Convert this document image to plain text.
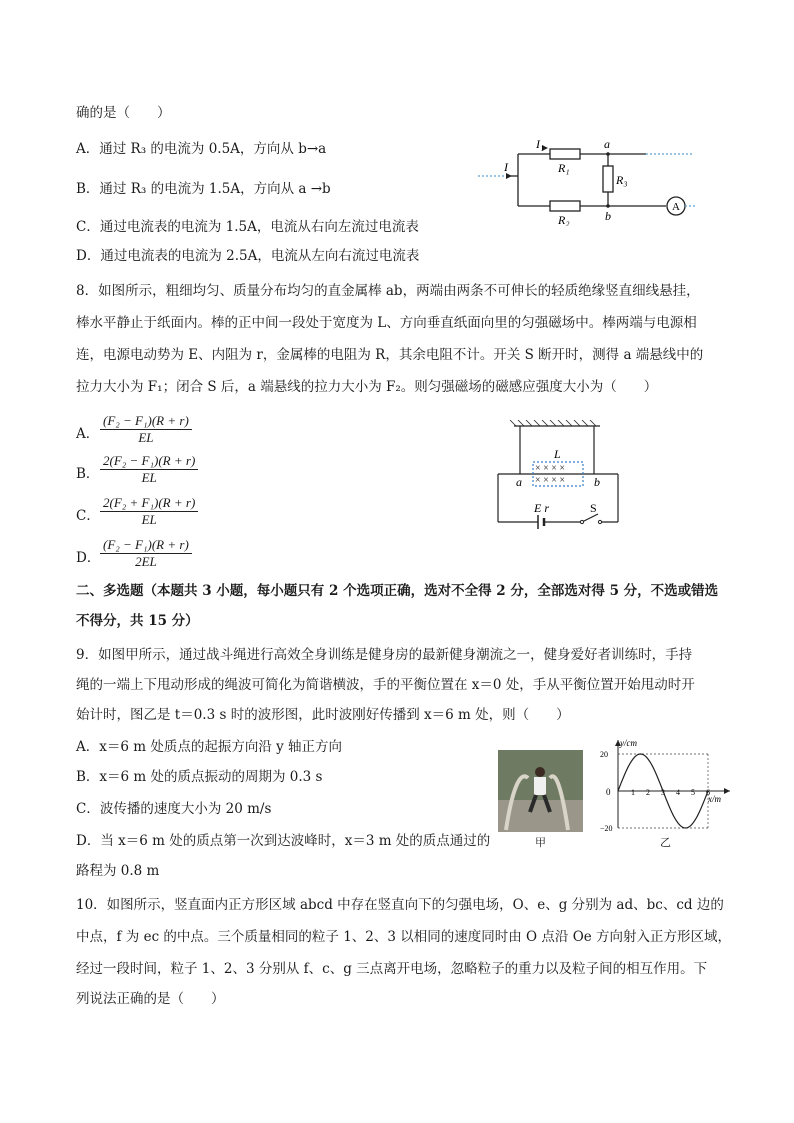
确的是（　　）
A．通过 R₃ 的电流为 0.5A，方向从 b→a
B．通过 R₃ 的电流为 1.5A，方向从 a →b
C．通过电流表的电流为 1.5A，电流从右向左流过电流表
D．通过电流表的电流为 2.5A，电流从左向右流过电流表
I
I₁
R₁
R₂
R₃
a
b
A
8．如图所示，粗细均匀、质量分布均匀的直金属棒 ab，两端由两条不可伸长的轻质绝缘竖直细线悬挂，
棒水平静止于纸面内。棒的正中间一段处于宽度为 L、方向垂直纸面向里的匀强磁场中。棒两端与电源相
连，电源电动势为 E、内阻为 r，金属棒的电阻为 R，其余电阻不计。开关 S 断开时，测得 a 端悬线中的
拉力大小为 F₁；闭合 S 后，a 端悬线的拉力大小为 F₂。则匀强磁场的磁感应强度大小为（　　）
A． $\frac{\text{(F₂ − F₁)(R + r)}}{EL}$
B． $\frac{\text{2(F₂ − F₁)(R + r)}}{EL}$
C． $\frac{\text{2(F₂ + F₁)(R + r)}}{EL}$
D． $\frac{\text{(F₂ − F₁)(R + r)}}{2EL}$
× × × ×
× × × ×
L
a	b
E r	S
二、多选题（本题共 3 小题，每小题只有 2 个选项正确，选对不全得 2 分，全部选对得 5 分，不选或错选
不得分，共 15 分）
9．如图甲所示，通过战斗绳进行高效全身训练是健身房的最新健身潮流之一，健身爱好者训练时，手持
绳的一端上下甩动形成的绳波可简化为简谐横波，手的平衡位置在 x＝0 处，手从平衡位置开始甩动时开
始计时，图乙是 t＝0.3 s 时的波形图，此时波刚好传播到 x＝6 m 处，则（　　）
A．x＝6 m 处质点的起振方向沿 y 轴正方向
B．x＝6 m 处的质点振动的周期为 0.3 s
C．波传播的速度大小为 20 m/s
D．当 x＝6 m 处的质点第一次到达波峰时，x＝3 m 处的质点通过的
路程为 0.8 m
甲
1 2 3 4 5 6
20
−20
y/cm
x/m
0
乙
10．如图所示，竖直面内正方形区域 abcd 中存在竖直向下的匀强电场，O、e、g 分别为 ad、bc、cd 边的
中点，f 为 ec 的中点。三个质量相同的粒子 1、2、3 以相同的速度同时由 O 点沿 Oe 方向射入正方形区域，
经过一段时间，粒子 1、2、3 分别从 f、c、g 三点离开电场，忽略粒子的重力以及粒子间的相互作用。下
列说法正确的是（　　）
